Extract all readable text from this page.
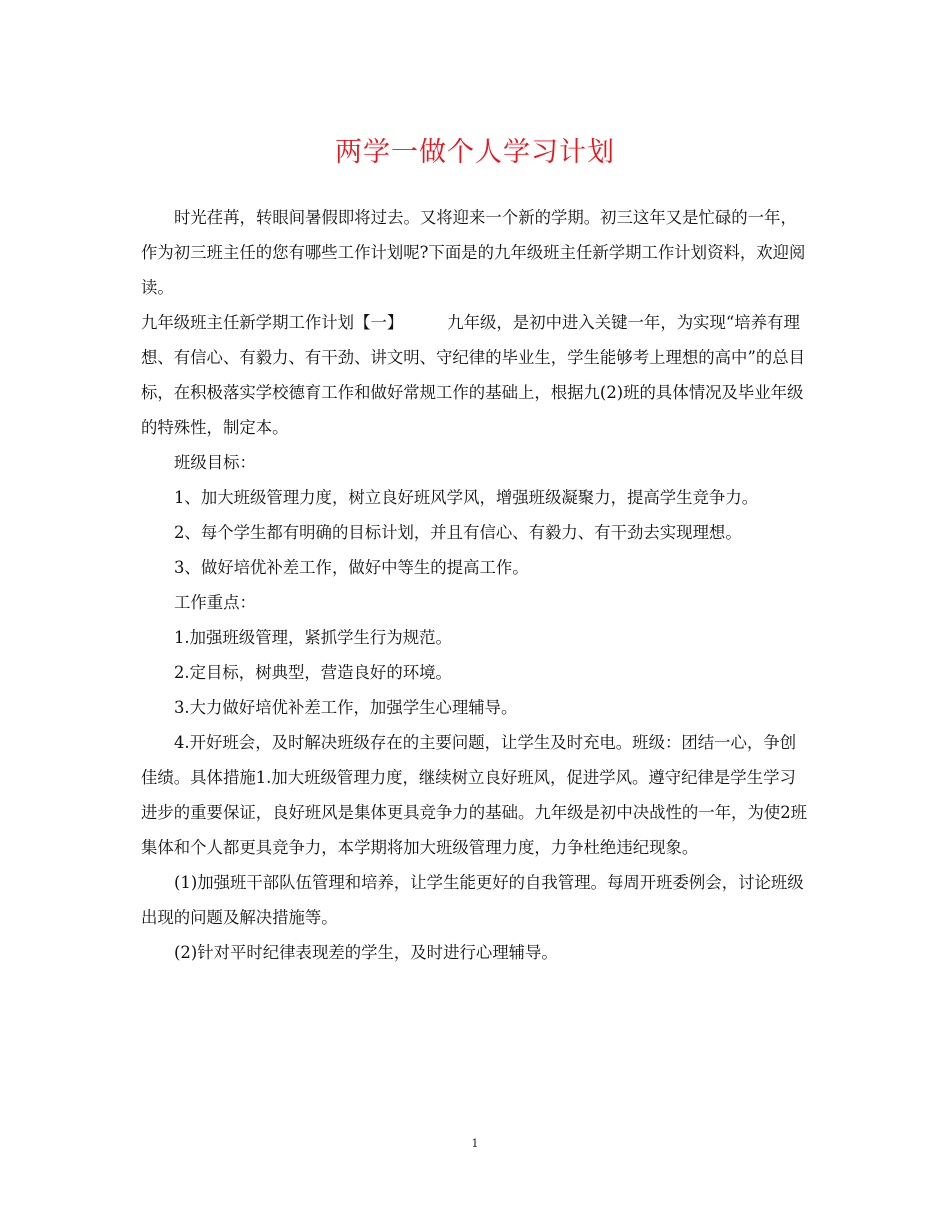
两学一做个人学习计划

时光荏苒，转眼间暑假即将过去。又将迎来一个新的学期。初三这年又是忙碌的一年，作为初三班主任的您有哪些工作计划呢?下面是的九年级班主任新学期工作计划资料，欢迎阅读。

九年级班主任新学期工作计划【一】	九年级，是初中进入关键一年，为实现“培养有理想、有信心、有毅力、有干劲、讲文明、守纪律的毕业生，学生能够考上理想的高中”的总目标，在积极落实学校德育工作和做好常规工作的基础上，根据九(2)班的具体情况及毕业年级的特殊性，制定本。

班级目标：

1、加大班级管理力度，树立良好班风学风，增强班级凝聚力，提高学生竞争力。

2、每个学生都有明确的目标计划，并且有信心、有毅力、有干劲去实现理想。

3、做好培优补差工作，做好中等生的提高工作。

工作重点：

1.加强班级管理，紧抓学生行为规范。

2.定目标，树典型，营造良好的环境。

3.大力做好培优补差工作，加强学生心理辅导。

4.开好班会，及时解决班级存在的主要问题，让学生及时充电。班级：团结一心，争创佳绩。具体措施1.加大班级管理力度，继续树立良好班风，促进学风。遵守纪律是学生学习进步的重要保证，良好班风是集体更具竞争力的基础。九年级是初中决战性的一年，为使2班集体和个人都更具竞争力，本学期将加大班级管理力度，力争杜绝违纪现象。

(1)加强班干部队伍管理和培养，让学生能更好的自我管理。每周开班委例会，讨论班级出现的问题及解决措施等。

(2)针对平时纪律表现差的学生，及时进行心理辅导。

1
